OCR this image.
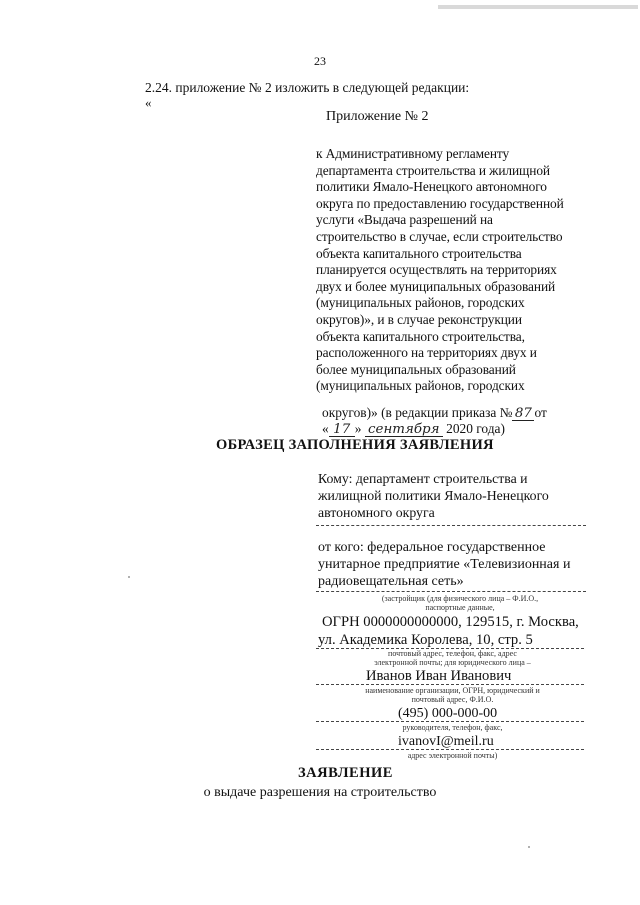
23
2.24. приложение № 2 изложить в следующей редакции:
«
Приложение № 2
к Административному регламенту
департамента строительства и жилищной
политики Ямало-Ненецкого автономного
округа по предоставлению государственной
услуги «Выдача разрешений на
строительство в случае, если строительство
объекта капитального строительства
планируется осуществлять на территориях
двух и более муниципальных образований
(муниципальных районов, городских
округов)», и в случае реконструкции
объекта капитального строительства,
расположенного на территориях двух и
более муниципальных образований
(муниципальных районов, городских
округов)» (в редакции приказа № 87 от
« 17 » сентября 2020 года)
ОБРАЗЕЦ ЗАПОЛНЕНИЯ ЗАЯВЛЕНИЯ
Кому: департамент строительства и
жилищной политики Ямало-Ненецкого
автономного округа
от кого: федеральное государственное
унитарное предприятие «Телевизионная и
радиовещательная сеть»
(застройщик (для физического лица – Ф.И.О.,
паспортные данные,
ОГРН 0000000000000, 129515, г. Москва,
ул. Академика Королева, 10, стр. 5
почтовый адрес, телефон, факс, адрес
электронной почты; для юридического лица –
Иванов Иван Иванович
наименование организации, ОГРН, юридический и
почтовый адрес, Ф.И.О.
(495) 000-000-00
руководителя, телефон, факс,
ivanovI@meil.ru
адрес электронной почты)
ЗАЯВЛЕНИЕ
о выдаче разрешения на строительство
